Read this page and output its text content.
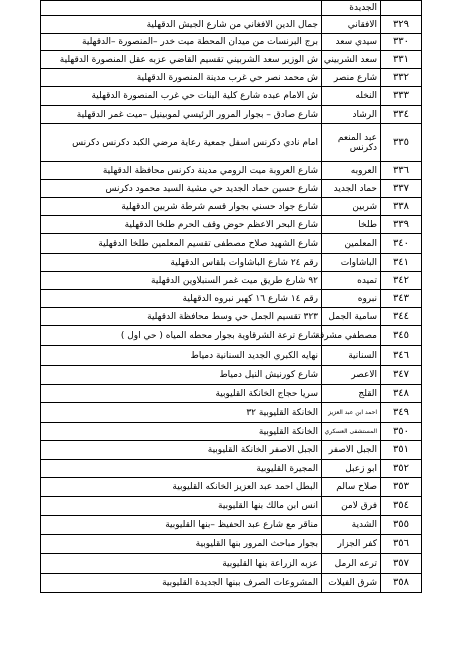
	الجديدة	
٣٢٩	الافقاني	جمال الدين الافغاني من شارع الجيش الدقهلية
٣٣٠	سيدي سعد	برج البرنسات من ميدان المحطة ميت خدر –المنصورة –الدقهلية
٣٣١	سعد الشربيني	ش الوزير سعد الشربيني تقسيم القاضي عزبه عقل المنصورة الدقهلية
٣٣٢	شارع منصر	ش محمد نصر حي غرب مدينة المنصورة الدقهلية
٣٣٣	النخله	ش الامام عبده شارع كلية البنات حي غرب المنصورة الدقهلية
٣٣٤	الرشاد	شارع صادق – بجوار المرور الرئيسي لموبينيل –ميت غمر الدقهلية
٣٣٥	عبد المنعم دكرنس	امام نادي دكرنس اسفل جمعية رعاية مرضي الكبد دكرنس دكرنس
٣٣٦	العروبه	شارع العروبة ميت الرومي مدينة دكرنس محافظة الدقهلية
٣٣٧	حماد الجديد	شارع حسين حماد الجديد حي مشية السيد محمود دكرنس
٣٣٨	شربين	شارع جواد حسني بجوار قسم شرطة شربين الدقهلية
٣٣٩	طلخا	شارع البحر الاعظم حوض وقف الحرم طلخا الدقهلية
٣٤٠	المعلمين	شارع الشهيد صلاح مصطفى تقسيم المعلمين طلخا الدقهلية
٣٤١	الباشاوات	رقم ٢٤ شارع الباشاوات بلقاس الدقهلية
٣٤٢	تميده	٩٢ شارع طريق ميت غمر السنبلاوين الدقهلية
٣٤٣	نبروه	رقم ١٤ شارع ١٦ كهبر نبروه الدقهلية
٣٤٤	سامية الجمل	٣٢٣ تقسيم الجمل حي وسط محافظة الدقهلية
٣٤٥	مصطفي مشرفة	شارع ترعة الشرقاوية بجوار محطه المياه ( حي اول )
٣٤٦	السنانية	نهايه الكبري الجديد السنانية دمياط
٣٤٧	الاعصر	شارع كورنيش النيل دمياط
٣٤٨	القلج	سريا حجاج الخانكة القليوبية
٣٤٩	احمد ابن عبد العزيز	الخانكة القليوبية ٣٢
٣٥٠	المستشفى العسكري	الخانكة القليوبية
٣٥١	الجبل الاصفر	الجبل الاصفر الخانكة القليوبية
٣٥٢	ابو زعبل	المجيرة القليوبية
٣٥٣	صلاح سالم	البطل احمد عبد العزيز الخانكه القليوبية
٣٥٤	فرق لامن	انس ابن مالك بنها القليوبية
٣٥٥	الشدية	مناقر مع شارع عبد الحفيظ –بنها القليوبية
٣٥٦	كفر الجزار	بجوار مباحث المرور بنها القليوبية
٣٥٧	ترعه الرمل	عزبه الزراعة بنها القليوبية
٣٥٨	شرق الفيلات	المشروعات الصرف ببنها الجديدة القليوبية
